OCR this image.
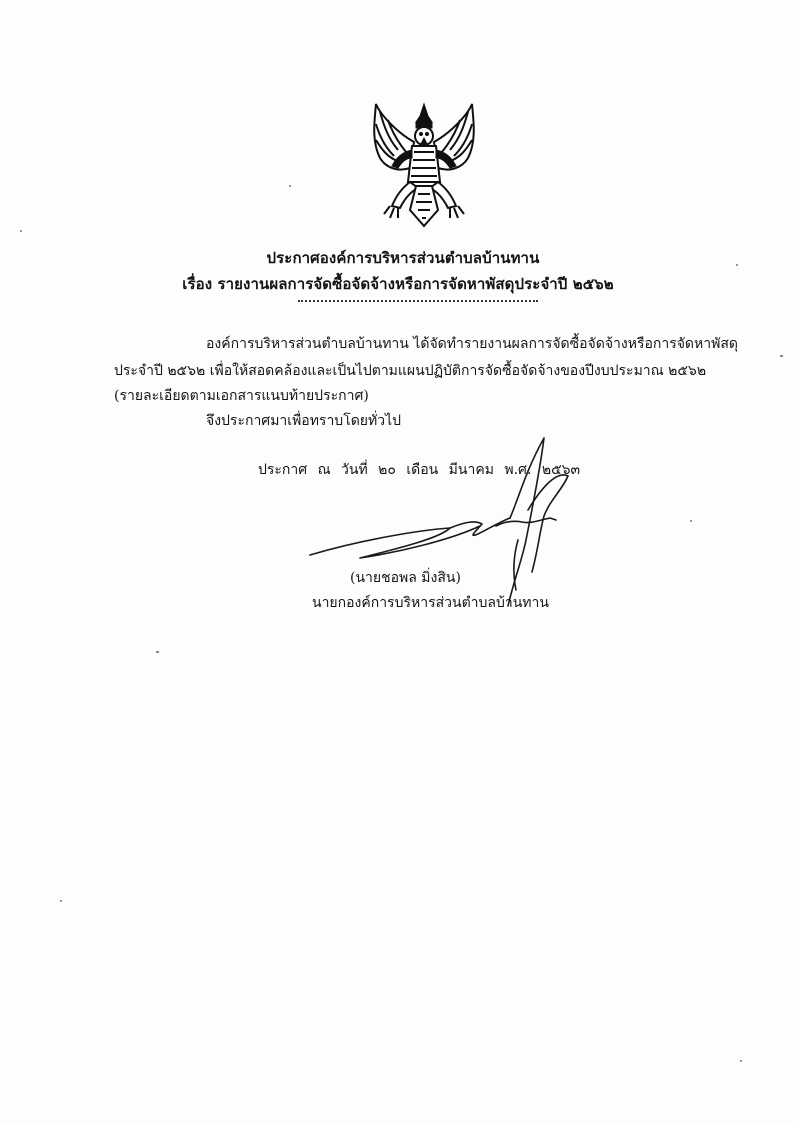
ประกาศองค์การบริหารส่วนตำบลบ้านทาน
เรื่อง รายงานผลการจัดซื้อจัดจ้างหรือการจัดหาพัสดุประจำปี ๒๕๖๒
องค์การบริหารส่วนตำบลบ้านทาน ได้จัดทำรายงานผลการจัดซื้อจัดจ้างหรือการจัดหาพัสดุ
ประจำปี ๒๕๖๒ เพื่อให้สอดคล้องและเป็นไปตามแผนปฏิบัติการจัดซื้อจัดจ้างของปีงบประมาณ ๒๕๖๒
(รายละเอียดตามเอกสารแนบท้ายประกาศ)
จึงประกาศมาเพื่อทราบโดยทั่วไป
ประกาศ ณ วันที่ ๒๐ เดือน มีนาคม พ.ศ. ๒๕๖๓
(นายชอพล มิ่งสิน)
นายกองค์การบริหารส่วนตำบลบ้านทาน
